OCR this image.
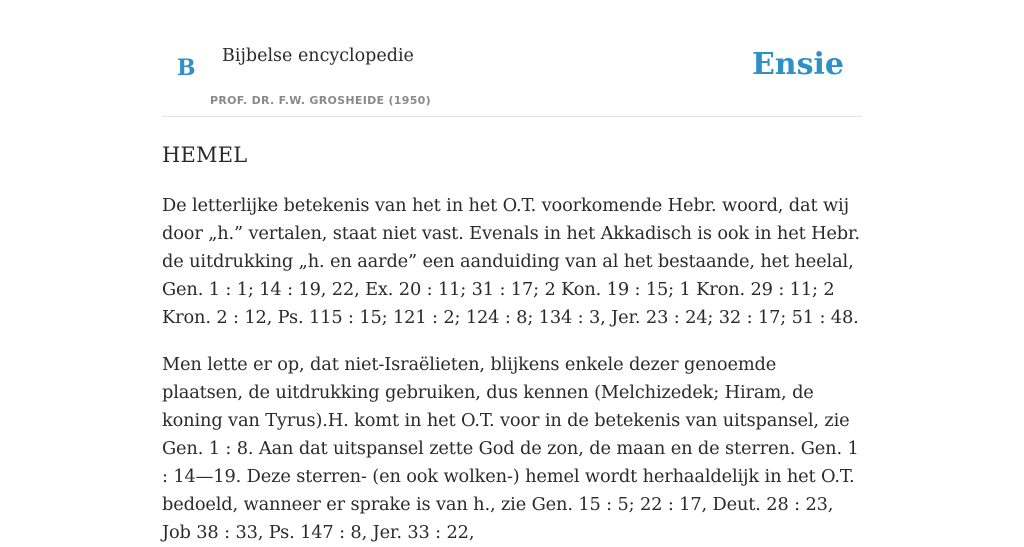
B Bijbelse encyclopedie
PROF. DR. F.W. GROSHEIDE (1950)
Ensie
HEMEL

De letterlijke betekenis van het in het O.T. voorkomende Hebr. woord, dat wij door „h.” vertalen, staat niet vast. Evenals in het Akkadisch is ook in het Hebr. de uitdrukking „h. en aarde” een aanduiding van al het bestaande, het heelal, Gen. 1 : 1; 14 : 19, 22, Ex. 20 : 11; 31 : 17; 2 Kon. 19 : 15; 1 Kron. 29 : 11; 2 Kron. 2 : 12, Ps. 115 : 15; 121 : 2; 124 : 8; 134 : 3, Jer. 23 : 24; 32 : 17; 51 : 48.

Men lette er op, dat niet-Israëlieten, blijkens enkele dezer genoemde plaatsen, de uitdrukking gebruiken, dus kennen (Melchizedek; Hiram, de koning van Tyrus).H. komt in het O.T. voor in de betekenis van uitspansel, zie Gen. 1 : 8. Aan dat uitspansel zette God de zon, de maan en de sterren. Gen. 1 : 14—19. Deze sterren- (en ook wolken-) hemel wordt herhaaldelijk in het O.T. bedoeld, wanneer er sprake is van h., zie Gen. 15 : 5; 22 : 17, Deut. 28 : 23, Job 38 : 33, Ps. 147 : 8, Jer. 33 : 22,
